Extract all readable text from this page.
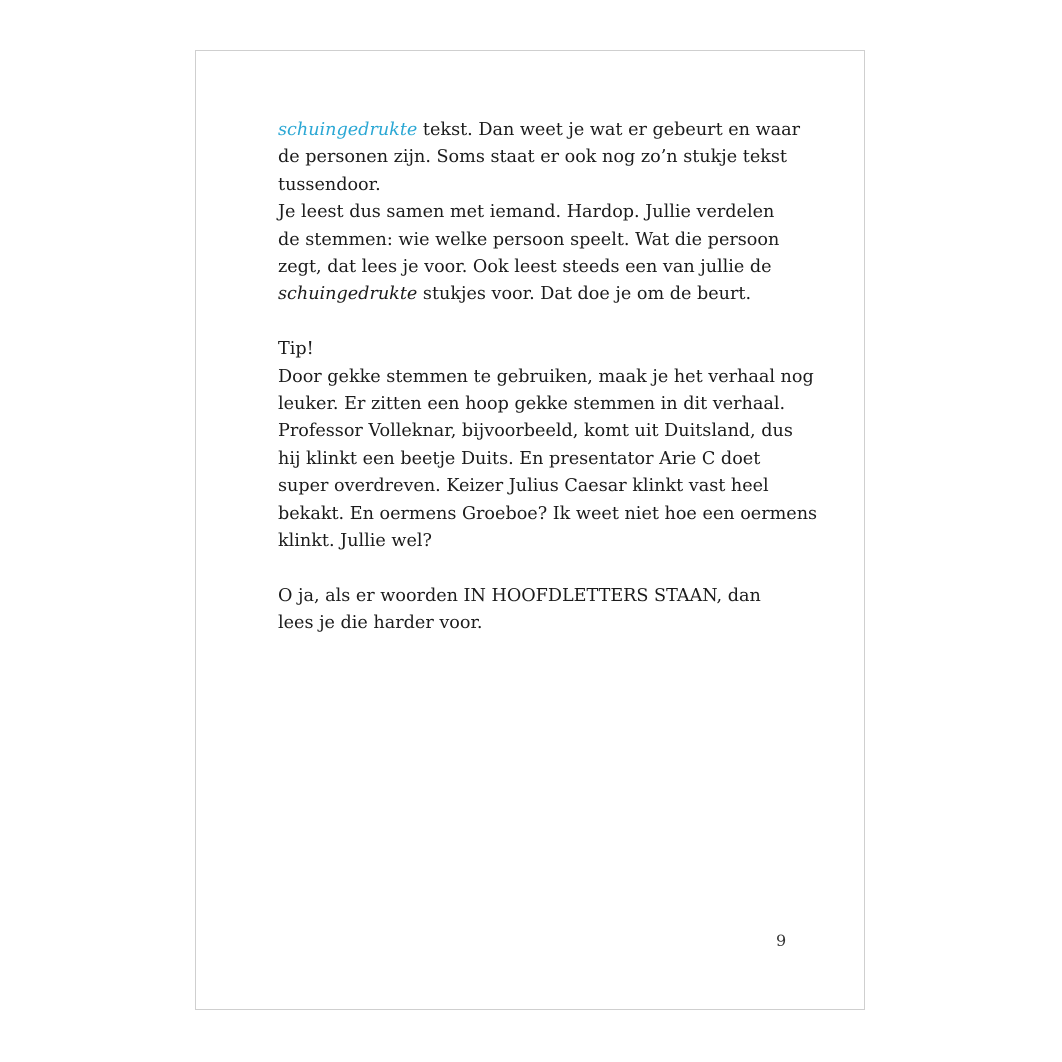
schuingedrukte tekst. Dan weet je wat er gebeurt en waar
de personen zijn. Soms staat er ook nog zo’n stukje tekst
tussendoor.
Je leest dus samen met iemand. Hardop. Jullie verdelen
de stemmen: wie welke persoon speelt. Wat die persoon
zegt, dat lees je voor. Ook leest steeds een van jullie de
schuingedrukte stukjes voor. Dat doe je om de beurt.
Tip!
Door gekke stemmen te gebruiken, maak je het verhaal nog
leuker. Er zitten een hoop gekke stemmen in dit verhaal.
Professor Volleknar, bijvoorbeeld, komt uit Duitsland, dus
hij klinkt een beetje Duits. En presentator Arie C doet
super overdreven. Keizer Julius Caesar klinkt vast heel
bekakt. En oermens Groeboe? Ik weet niet hoe een oermens
klinkt. Jullie wel?
O ja, als er woorden IN HOOFDLETTERS STAAN, dan
lees je die harder voor.
9
